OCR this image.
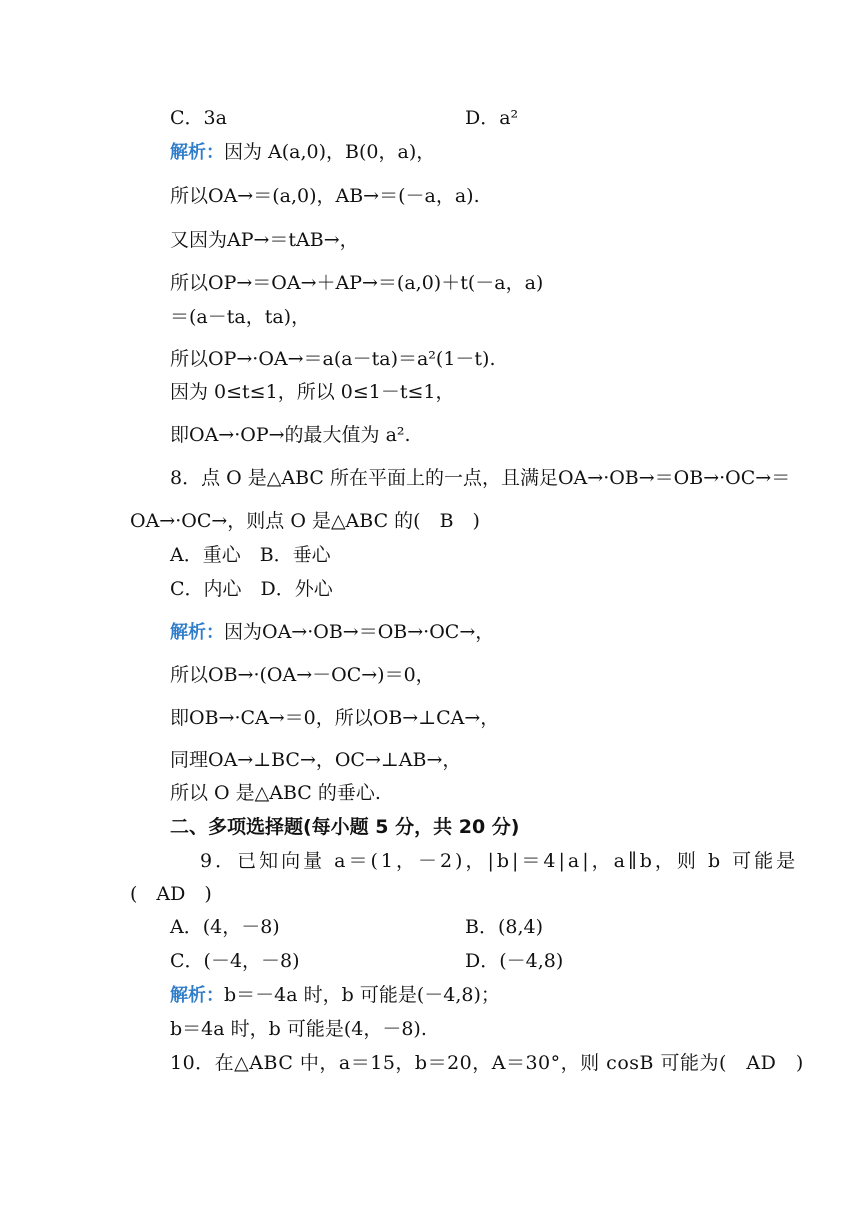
C．3a	D．a²
解析：因为 A(a,0)，B(0，a)，
所以OA→＝(a,0)，AB→＝(－a，a).
又因为AP→＝tAB→，
所以OP→＝OA→＋AP→＝(a,0)＋t(－a，a)
＝(a－ta，ta)，
所以OP→·OA→＝a(a－ta)＝a²(1－t).
因为 0≤t≤1，所以 0≤1－t≤1，
即OA→·OP→的最大值为 a².
8．点 O 是△ABC 所在平面上的一点，且满足OA→·OB→＝OB→·OC→＝
OA→·OC→，则点 O 是△ABC 的(　B　)
A．重心　B．垂心
C．内心　D．外心
解析：因为OA→·OB→＝OB→·OC→，
所以OB→·(OA→－OC→)＝0，
即OB→·CA→＝0，所以OB→⊥CA→，
同理OA→⊥BC→，OC→⊥AB→，
所以 O 是△ABC 的垂心.
二、多项选择题(每小题 5 分，共 20 分)
9．已知向量 a＝(1，－2)，|b|＝4|a|，a∥b，则 b 可能是
(　AD　)
A．(4，－8)	B．(8,4)
C．(－4，－8)	D．(－4,8)
解析：b＝－4a 时，b 可能是(－4,8)；
b＝4a 时，b 可能是(4，－8).
10．在△ABC 中，a＝15，b＝20，A＝30°，则 cosB 可能为(　AD　)
